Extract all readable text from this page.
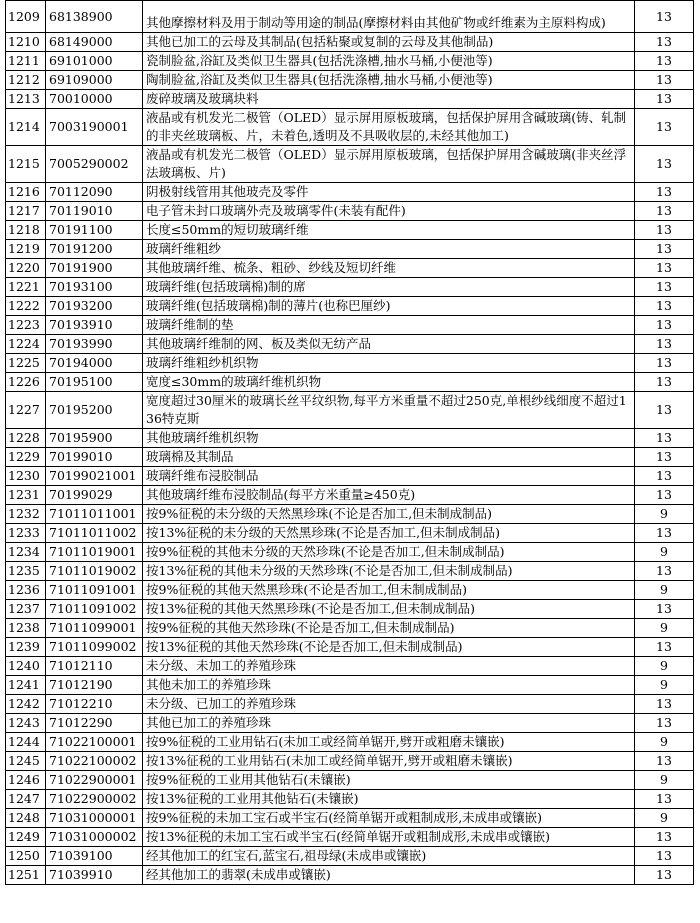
1209	68138900	其他摩擦材料及用于制动等用途的制品(摩擦材料由其他矿物或纤维素为主原料构成)	13
1210	68149000	其他已加工的云母及其制品(包括粘聚或复制的云母及其他制品)	13
1211	69101000	瓷制脸盆,浴缸及类似卫生器具(包括洗涤槽,抽水马桶,小便池等)	13
1212	69109000	陶制脸盆,浴缸及类似卫生器具(包括洗涤槽,抽水马桶,小便池等)	13
1213	70010000	废碎玻璃及玻璃块料	13
1214	7003190001	液晶或有机发光二极管（OLED）显示屏用原板玻璃，包括保护屏用含碱玻璃(铸、轧制的非夹丝玻璃板、片，未着色,透明及不具吸收层的,未经其他加工)	13
1215	7005290002	液晶或有机发光二极管（OLED）显示屏用原板玻璃，包括保护屏用含碱玻璃(非夹丝浮法玻璃板、片)	13
1216	70112090	阴极射线管用其他玻壳及零件	13
1217	70119010	电子管未封口玻璃外壳及玻璃零件(未装有配件)	13
1218	70191100	长度≤50mm的短切玻璃纤维	13
1219	70191200	玻璃纤维粗纱	13
1220	70191900	其他玻璃纤维、梳条、粗砂、纱线及短切纤维	13
1221	70193100	玻璃纤维(包括玻璃棉)制的席	13
1222	70193200	玻璃纤维(包括玻璃棉)制的薄片(也称巴厘纱)	13
1223	70193910	玻璃纤维制的垫	13
1224	70193990	其他玻璃纤维制的网、板及类似无纺产品	13
1225	70194000	玻璃纤维粗纱机织物	13
1226	70195100	宽度≤30mm的玻璃纤维机织物	13
1227	70195200	宽度超过30厘米的玻璃长丝平纹织物,每平方米重量不超过250克,单根纱线细度不超过136特克斯	13
1228	70195900	其他玻璃纤维机织物	13
1229	70199010	玻璃棉及其制品	13
1230	70199021001	玻璃纤维布浸胶制品	13
1231	70199029	其他玻璃纤维布浸胶制品(每平方米重量≥450克)	13
1232	71011011001	按9%征税的未分级的天然黑珍珠(不论是否加工,但未制成制品)	9
1233	71011011002	按13%征税的未分级的天然黑珍珠(不论是否加工,但未制成制品)	13
1234	71011019001	按9%征税的其他未分级的天然珍珠(不论是否加工,但未制成制品)	9
1235	71011019002	按13%征税的其他未分级的天然珍珠(不论是否加工,但未制成制品)	13
1236	71011091001	按9%征税的其他天然黑珍珠(不论是否加工,但未制成制品)	9
1237	71011091002	按13%征税的其他天然黑珍珠(不论是否加工,但未制成制品)	13
1238	71011099001	按9%征税的其他天然珍珠(不论是否加工,但未制成制品)	9
1239	71011099002	按13%征税的其他天然珍珠(不论是否加工,但未制成制品)	13
1240	71012110	未分级、未加工的养殖珍珠	9
1241	71012190	其他未加工的养殖珍珠	9
1242	71012210	未分级、已加工的养殖珍珠	13
1243	71012290	其他已加工的养殖珍珠	13
1244	71022100001	按9%征税的工业用钻石(未加工或经简单锯开,劈开或粗磨未镶嵌)	9
1245	71022100002	按13%征税的工业用钻石(未加工或经简单锯开,劈开或粗磨未镶嵌)	13
1246	71022900001	按9%征税的工业用其他钻石(未镶嵌)	9
1247	71022900002	按13%征税的工业用其他钻石(未镶嵌)	13
1248	71031000001	按9%征税的未加工宝石或半宝石(经简单锯开或粗制成形,未成串或镶嵌)	9
1249	71031000002	按13%征税的未加工宝石或半宝石(经简单锯开或粗制成形,未成串或镶嵌)	13
1250	71039100	经其他加工的红宝石,蓝宝石,祖母绿(未成串或镶嵌)	13
1251	71039910	经其他加工的翡翠(未成串或镶嵌)	13
